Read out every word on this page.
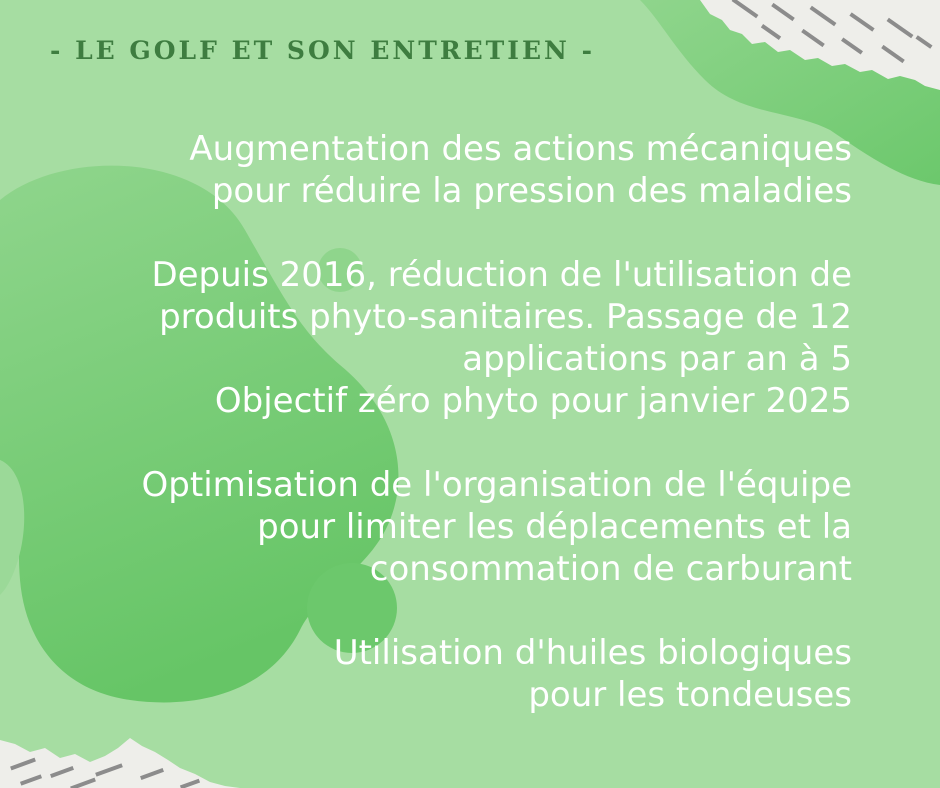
- LE GOLF ET SON ENTRETIEN -

Augmentation des actions mécaniques
pour réduire la pression des maladies

Depuis 2016, réduction de l'utilisation de
produits phyto-sanitaires. Passage de 12
applications par an à 5
Objectif zéro phyto pour janvier 2025

Optimisation de l'organisation de l'équipe
pour limiter les déplacements et la
consommation de carburant

Utilisation d'huiles biologiques
pour les tondeuses
